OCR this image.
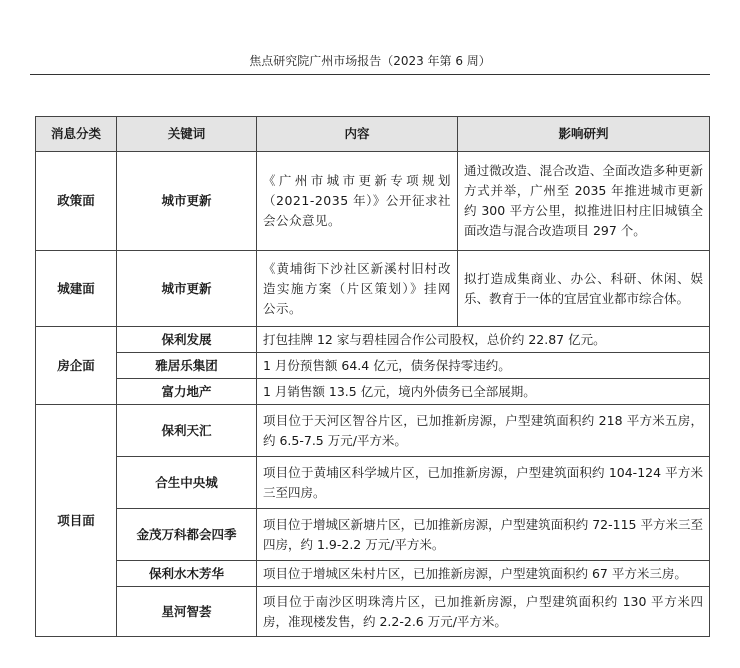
焦点研究院广州市场报告（2023 年第 6 周）
消息分类	关键词	内容	影响研判
政策面	城市更新	《广州市城市更新专项规划（2021-2035 年）》公开征求社会公众意见。	通过微改造、混合改造、全面改造多种更新方式并举，广州至 2035 年推进城市更新约 300 平方公里，拟推进旧村庄旧城镇全面改造与混合改造项目 297 个。
城建面	城市更新	《黄埔街下沙社区新溪村旧村改造实施方案（片区策划）》挂网公示。	拟打造成集商业、办公、科研、休闲、娱乐、教育于一体的宜居宜业都市综合体。
房企面	保利发展	打包挂牌 12 家与碧桂园合作公司股权，总价约 22.87 亿元。	
	雅居乐集团	1 月份预售额 64.4 亿元，债务保持零违约。	
	富力地产	1 月销售额 13.5 亿元，境内外债务已全部展期。	
项目面	保利天汇	项目位于天河区智谷片区，已加推新房源，户型建筑面积约 218 平方米五房，约 6.5-7.5 万元/平方米。	
	合生中央城	项目位于黄埔区科学城片区，已加推新房源，户型建筑面积约 104-124 平方米三至四房。	
	金茂万科都会四季	项目位于增城区新塘片区，已加推新房源，户型建筑面积约 72-115 平方米三至四房，约 1.9-2.2 万元/平方米。	
	保利水木芳华	项目位于增城区朱村片区，已加推新房源，户型建筑面积约 67 平方米三房。	
	星河智荟	项目位于南沙区明珠湾片区，已加推新房源，户型建筑面积约 130 平方米四房，准现楼发售，约 2.2-2.6 万元/平方米。	
